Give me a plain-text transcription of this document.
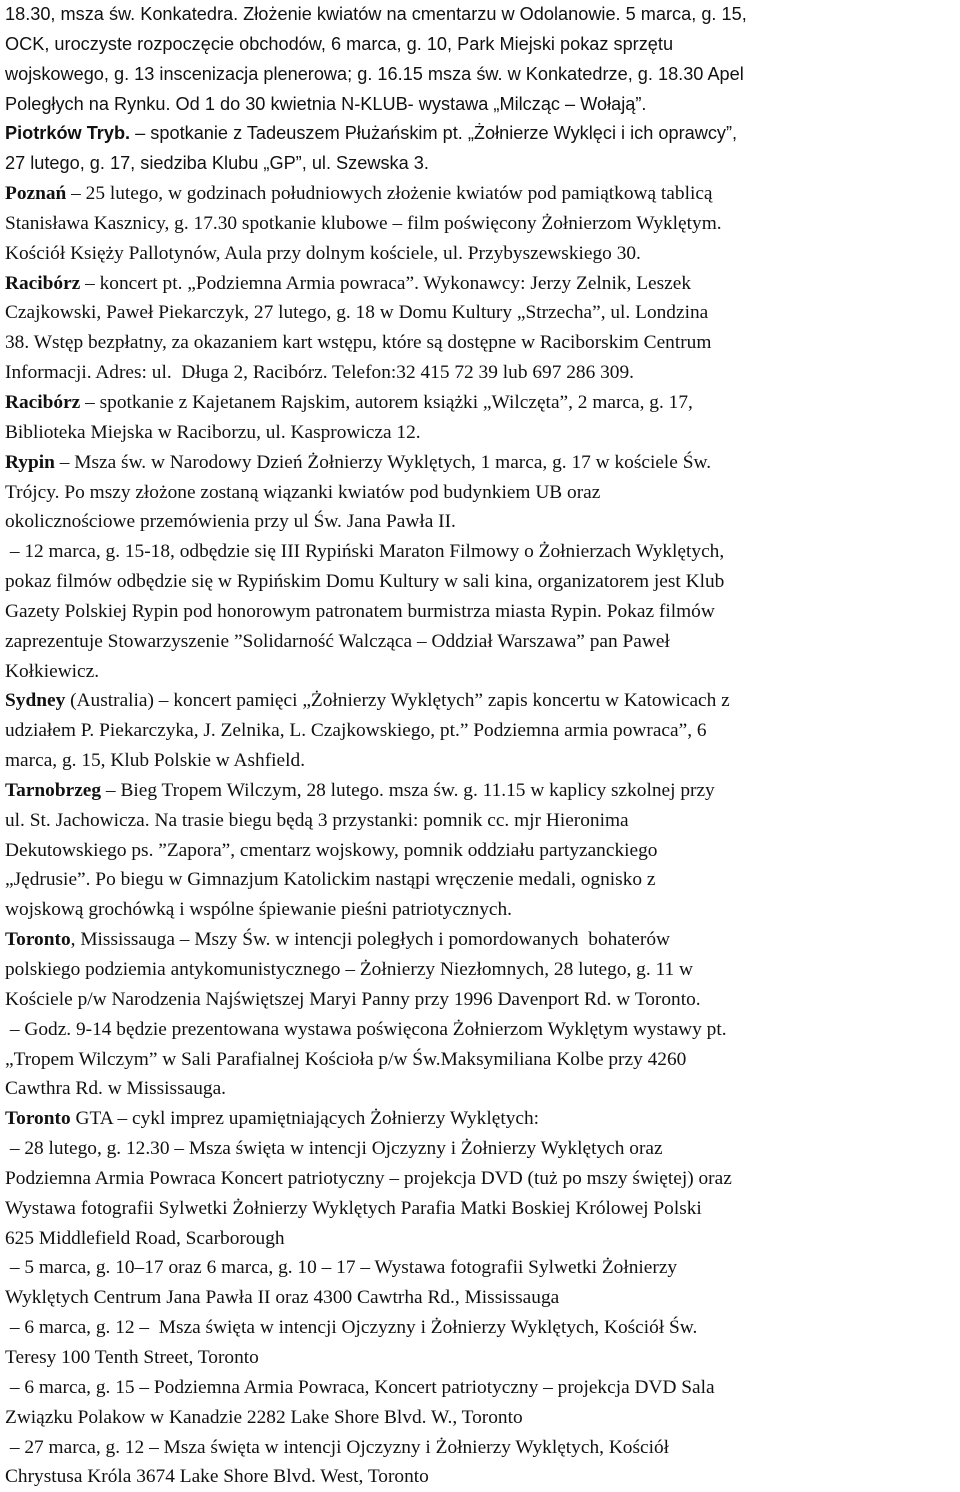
18.30, msza św. Konkatedra. Złożenie kwiatów na cmentarzu w Odolanowie. 5 marca, g. 15,
OCK, uroczyste rozpoczęcie obchodów, 6 marca, g. 10, Park Miejski pokaz sprzętu
wojskowego, g. 13 inscenizacja plenerowa; g. 16.15 msza św. w Konkatedrze, g. 18.30 Apel
Poległych na Rynku. Od 1 do 30 kwietnia N-KLUB- wystawa „Milcząc – Wołają”.
Piotrków Tryb. – spotkanie z Tadeuszem Płużańskim pt. „Żołnierze Wyklęci i ich oprawcy”,
27 lutego, g. 17, siedziba Klubu „GP”, ul. Szewska 3.
Poznań – 25 lutego, w godzinach południowych złożenie kwiatów pod pamiątkową tablicą
Stanisława Kasznicy, g. 17.30 spotkanie klubowe – film poświęcony Żołnierzom Wyklętym.
Kościół Księży Pallotynów, Aula przy dolnym kościele, ul. Przybyszewskiego 30.
Racibórz – koncert pt. „Podziemna Armia powraca”. Wykonawcy: Jerzy Zelnik, Leszek
Czajkowski, Paweł Piekarczyk, 27 lutego, g. 18 w Domu Kultury „Strzecha”, ul. Londzina
38. Wstęp bezpłatny, za okazaniem kart wstępu, które są dostępne w Raciborskim Centrum
Informacji. Adres: ul.  Długa 2, Racibórz. Telefon:32 415 72 39 lub 697 286 309.
Racibórz – spotkanie z Kajetanem Rajskim, autorem książki „Wilczęta”, 2 marca, g. 17,
Biblioteka Miejska w Raciborzu, ul. Kasprowicza 12.
Rypin – Msza św. w Narodowy Dzień Żołnierzy Wyklętych, 1 marca, g. 17 w kościele Św.
Trójcy. Po mszy złożone zostaną wiązanki kwiatów pod budynkiem UB oraz
okolicznościowe przemówienia przy ul Św. Jana Pawła II.
– 12 marca, g. 15-18, odbędzie się III Rypiński Maraton Filmowy o Żołnierzach Wyklętych,
pokaz filmów odbędzie się w Rypińskim Domu Kultury w sali kina, organizatorem jest Klub
Gazety Polskiej Rypin pod honorowym patronatem burmistrza miasta Rypin. Pokaz filmów
zaprezentuje Stowarzyszenie ”Solidarność Walcząca – Oddział Warszawa” pan Paweł
Kołkiewicz.
Sydney (Australia) – koncert pamięci „Żołnierzy Wyklętych” zapis koncertu w Katowicach z
udziałem P. Piekarczyka, J. Zelnika, L. Czajkowskiego, pt.” Podziemna armia powraca”, 6
marca, g. 15, Klub Polskie w Ashfield.
Tarnobrzeg – Bieg Tropem Wilczym, 28 lutego. msza św. g. 11.15 w kaplicy szkolnej przy
ul. St. Jachowicza. Na trasie biegu będą 3 przystanki: pomnik cc. mjr Hieronima
Dekutowskiego ps. ”Zapora”, cmentarz wojskowy, pomnik oddziału partyzanckiego
„Jędrusie”. Po biegu w Gimnazjum Katolickim nastąpi wręczenie medali, ognisko z
wojskową grochówką i wspólne śpiewanie pieśni patriotycznych.
Toronto, Mississauga – Mszy Św. w intencji poległych i pomordowanych  bohaterów
polskiego podziemia antykomunistycznego – Żołnierzy Niezłomnych, 28 lutego, g. 11 w
Kościele p/w Narodzenia Najświętszej Maryi Panny przy 1996 Davenport Rd. w Toronto.
– Godz. 9-14 będzie prezentowana wystawa poświęcona Żołnierzom Wyklętym wystawy pt.
„Tropem Wilczym” w Sali Parafialnej Kościoła p/w Św.Maksymiliana Kolbe przy 4260
Cawthra Rd. w Mississauga.
Toronto GTA – cykl imprez upamiętniających Żołnierzy Wyklętych:
– 28 lutego, g. 12.30 – Msza święta w intencji Ojczyzny i Żołnierzy Wyklętych oraz
Podziemna Armia Powraca Koncert patriotyczny – projekcja DVD (tuż po mszy świętej) oraz
Wystawa fotografii Sylwetki Żołnierzy Wyklętych Parafia Matki Boskiej Królowej Polski
625 Middlefield Road, Scarborough
– 5 marca, g. 10–17 oraz 6 marca, g. 10 – 17 – Wystawa fotografii Sylwetki Żołnierzy
Wyklętych Centrum Jana Pawła II oraz 4300 Cawtrha Rd., Mississauga
– 6 marca, g. 12 –  Msza święta w intencji Ojczyzny i Żołnierzy Wyklętych, Kościół Św.
Teresy 100 Tenth Street, Toronto
– 6 marca, g. 15 – Podziemna Armia Powraca, Koncert patriotyczny – projekcja DVD Sala
Związku Polakow w Kanadzie 2282 Lake Shore Blvd. W., Toronto
– 27 marca, g. 12 – Msza święta w intencji Ojczyzny i Żołnierzy Wyklętych, Kościół
Chrystusa Króla 3674 Lake Shore Blvd. West, Toronto
